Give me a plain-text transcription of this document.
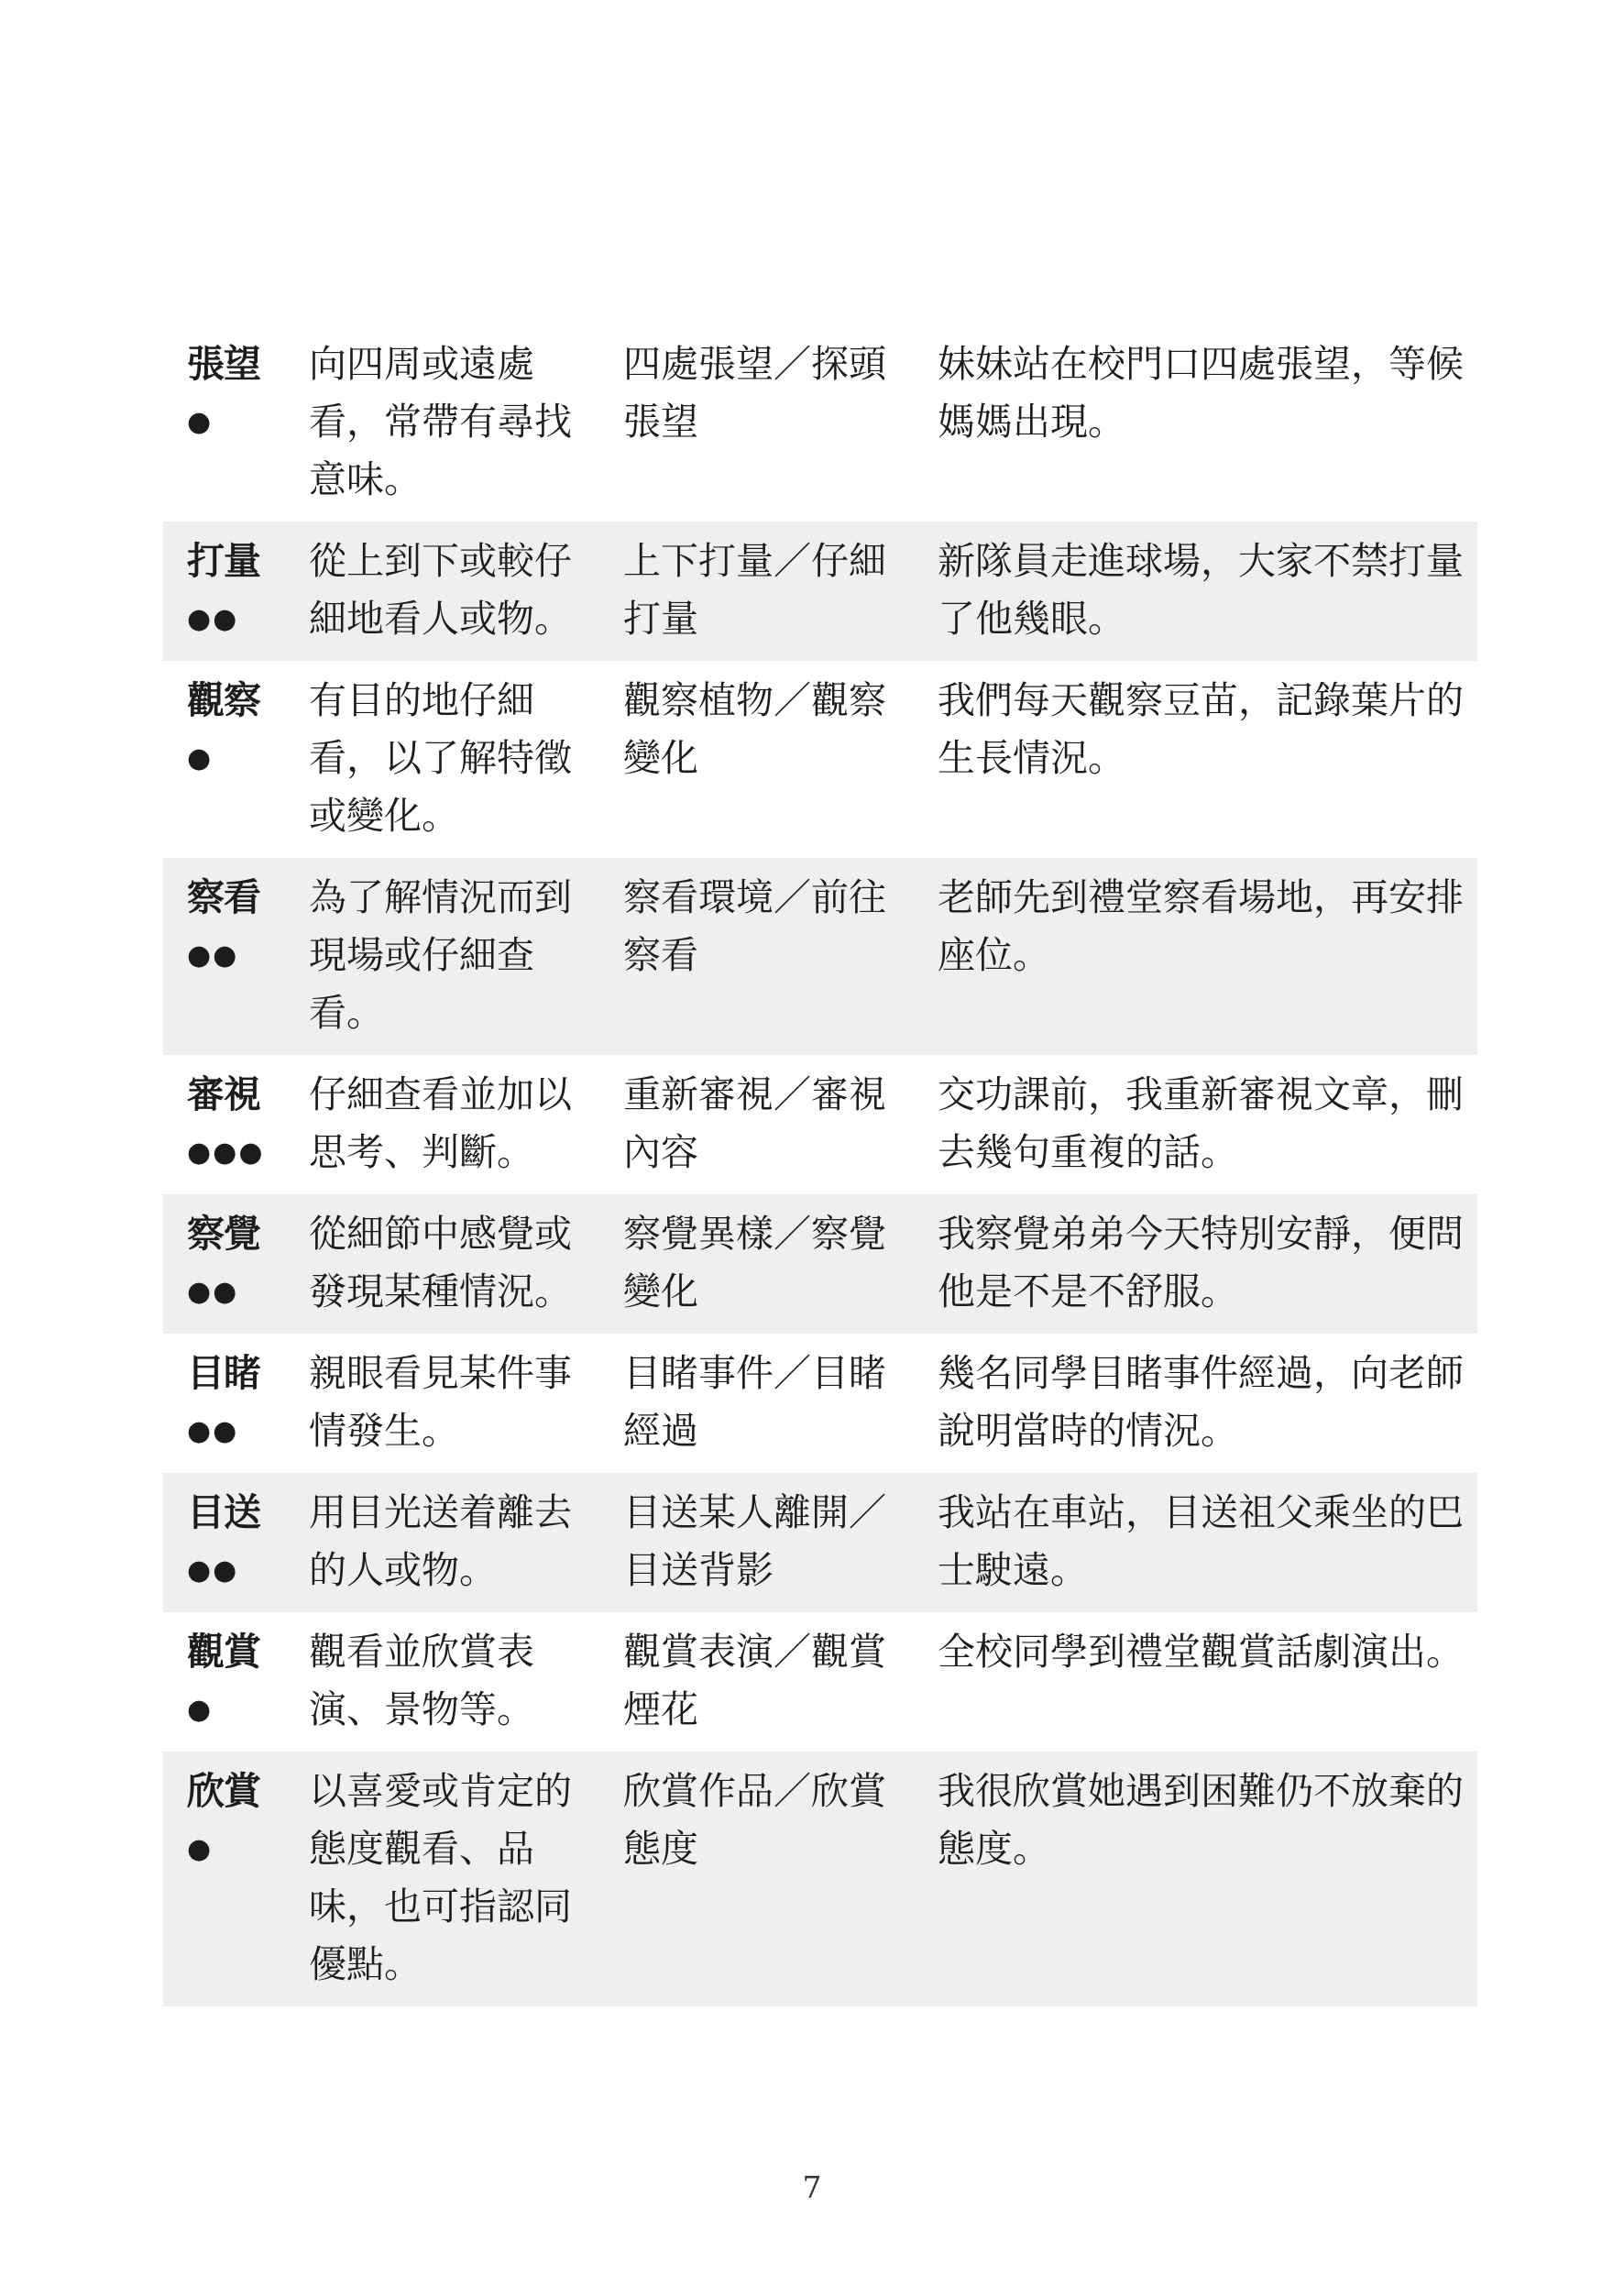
張望
●
向四周或遠處看，常帶有尋找意味。
四處張望／探頭張望
妹妹站在校門口四處張望，等候媽媽出現。
打量
●●
從上到下或較仔細地看人或物。
上下打量／仔細打量
新隊員走進球場，大家不禁打量了他幾眼。
觀察
●
有目的地仔細看，以了解特徵或變化。
觀察植物／觀察變化
我們每天觀察豆苗，記錄葉片的生長情況。
察看
●●
為了解情況而到現場或仔細查看。
察看環境／前往察看
老師先到禮堂察看場地，再安排座位。
審視
●●●
仔細查看並加以思考、判斷。
重新審視／審視內容
交功課前，我重新審視文章，刪去幾句重複的話。
察覺
●●
從細節中感覺或發現某種情況。
察覺異樣／察覺變化
我察覺弟弟今天特別安靜，便問他是不是不舒服。
目睹
●●
親眼看見某件事情發生。
目睹事件／目睹經過
幾名同學目睹事件經過，向老師說明當時的情況。
目送
●●
用目光送着離去的人或物。
目送某人離開／目送背影
我站在車站，目送祖父乘坐的巴士駛遠。
觀賞
●
觀看並欣賞表演、景物等。
觀賞表演／觀賞煙花
全校同學到禮堂觀賞話劇演出。
欣賞
●
以喜愛或肯定的態度觀看、品味，也可指認同優點。
欣賞作品／欣賞態度
我很欣賞她遇到困難仍不放棄的態度。
7
